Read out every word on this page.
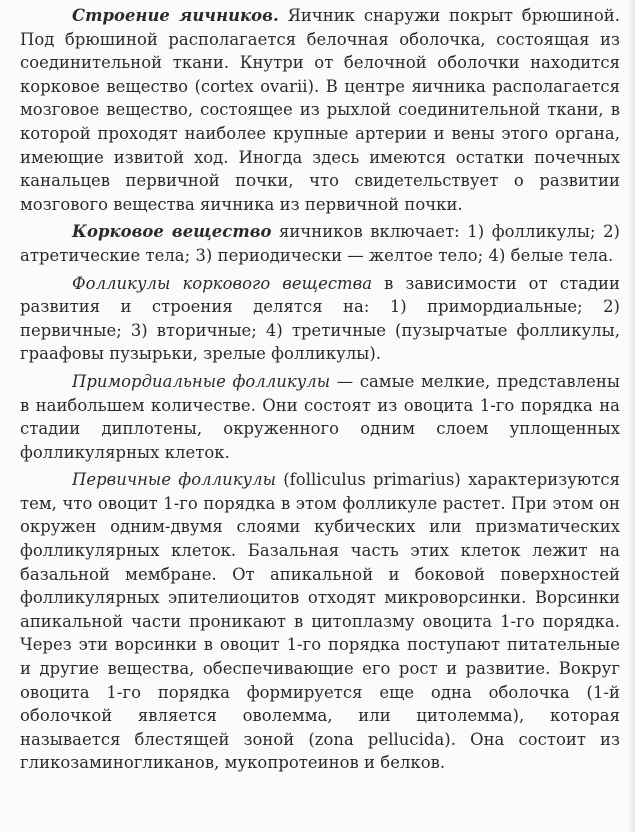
Строение яичников. Яичник снаружи покрыт брюшиной. Под брюшиной располагается белочная оболочка, состоящая из соединительной ткани. Кнутри от белочной оболочки находится корковое вещество (cortex ovarii). В центре яичника располагается мозговое вещество, состоящее из рыхлой соединительной ткани, в которой проходят наиболее крупные артерии и вены этого органа, имеющие извитой ход. Иногда здесь имеются остатки почечных канальцев первичной почки, что свидетельствует о развитии мозгового вещества яичника из первичной почки.

Корковое вещество яичников включает: 1) фолликулы; 2) атретические тела; 3) периодически — желтое тело; 4) белые тела.

Фолликулы коркового вещества в зависимости от стадии развития и строения делятся на: 1) примордиальные; 2) первичные; 3) вторичные; 4) третичные (пузырчатые фолликулы, граафовы пузырьки, зрелые фолликулы).

Примордиальные фолликулы — самые мелкие, представлены в наибольшем количестве. Они состоят из овоцита 1-го порядка на стадии диплотены, окруженного одним слоем уплощенных фолликулярных клеток.

Первичные фолликулы (folliculus primarius) характеризуются тем, что овоцит 1-го порядка в этом фолликуле растет. При этом он окружен одним-двумя слоями кубических или призматических фолликулярных клеток. Базальная часть этих клеток лежит на базальной мембране. От апикальной и боковой поверхностей фолликулярных эпителиоцитов отходят микроворсинки. Ворсинки апикальной части проникают в цитоплазму овоцита 1-го порядка. Через эти ворсинки в овоцит 1-го порядка поступают питательные и другие вещества, обеспечивающие его рост и развитие. Вокруг овоцита 1-го порядка формируется еще одна оболочка (1-й оболочкой является оволемма, или цитолемма), которая называется блестящей зоной (zona pellucida). Она состоит из гликозаминогликанов, мукопротеинов и белков.
